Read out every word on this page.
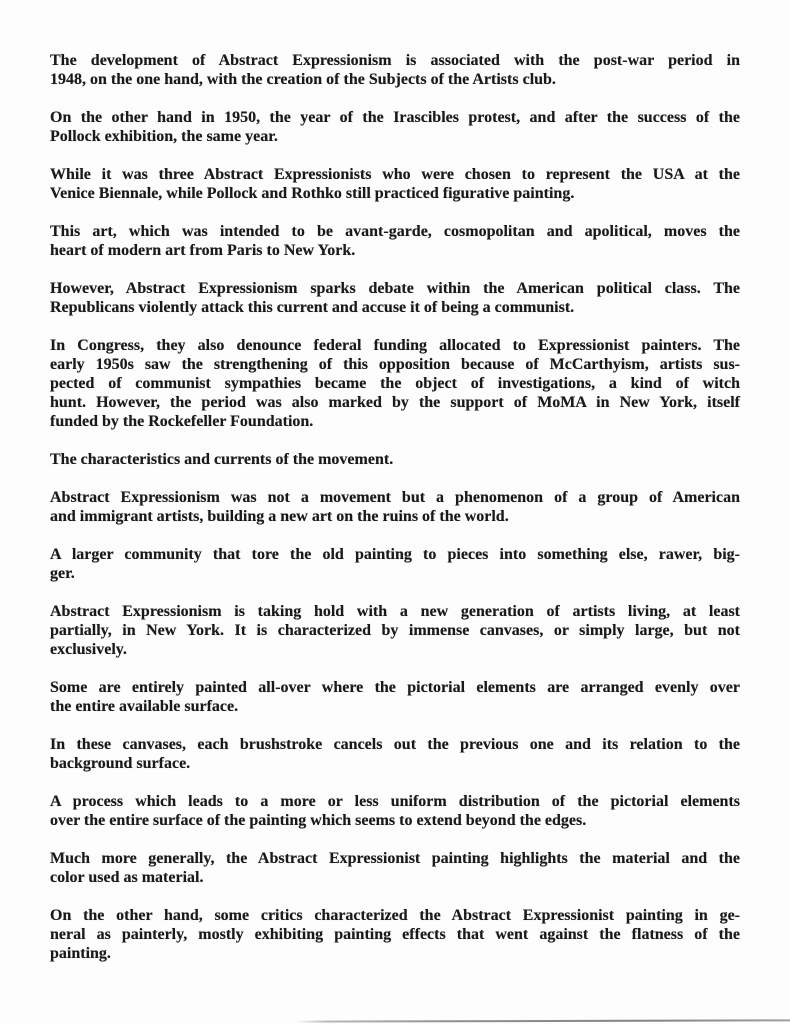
The development of Abstract Expressionism is associated with the post-war period in
1948, on the one hand, with the creation of the Subjects of the Artists club.
On the other hand in 1950, the year of the Irascibles protest, and after the success of the
Pollock exhibition, the same year.
While it was three Abstract Expressionists who were chosen to represent the USA at the
Venice Biennale, while Pollock and Rothko still practiced figurative painting.
This art, which was intended to be avant-garde, cosmopolitan and apolitical, moves the
heart of modern art from Paris to New York.
However, Abstract Expressionism sparks debate within the American political class. The
Republicans violently attack this current and accuse it of being a communist.
In Congress, they also denounce federal funding allocated to Expressionist painters. The
early 1950s saw the strengthening of this opposition because of McCarthyism, artists sus-
pected of communist sympathies became the object of investigations, a kind of witch
hunt. However, the period was also marked by the support of MoMA in New York, itself
funded by the Rockefeller Foundation.
The characteristics and currents of the movement.
Abstract Expressionism was not a movement but a phenomenon of a group of American
and immigrant artists, building a new art on the ruins of the world.
A larger community that tore the old painting to pieces into something else, rawer, big-
ger.
Abstract Expressionism is taking hold with a new generation of artists living, at least
partially, in New York. It is characterized by immense canvases, or simply large, but not
exclusively.
Some are entirely painted all-over where the pictorial elements are arranged evenly over
the entire available surface.
In these canvases, each brushstroke cancels out the previous one and its relation to the
background surface.
A process which leads to a more or less uniform distribution of the pictorial elements
over the entire surface of the painting which seems to extend beyond the edges.
Much more generally, the Abstract Expressionist painting highlights the material and the
color used as material.
On the other hand, some critics characterized the Abstract Expressionist painting in ge-
neral as painterly, mostly exhibiting painting effects that went against the flatness of the
painting.
